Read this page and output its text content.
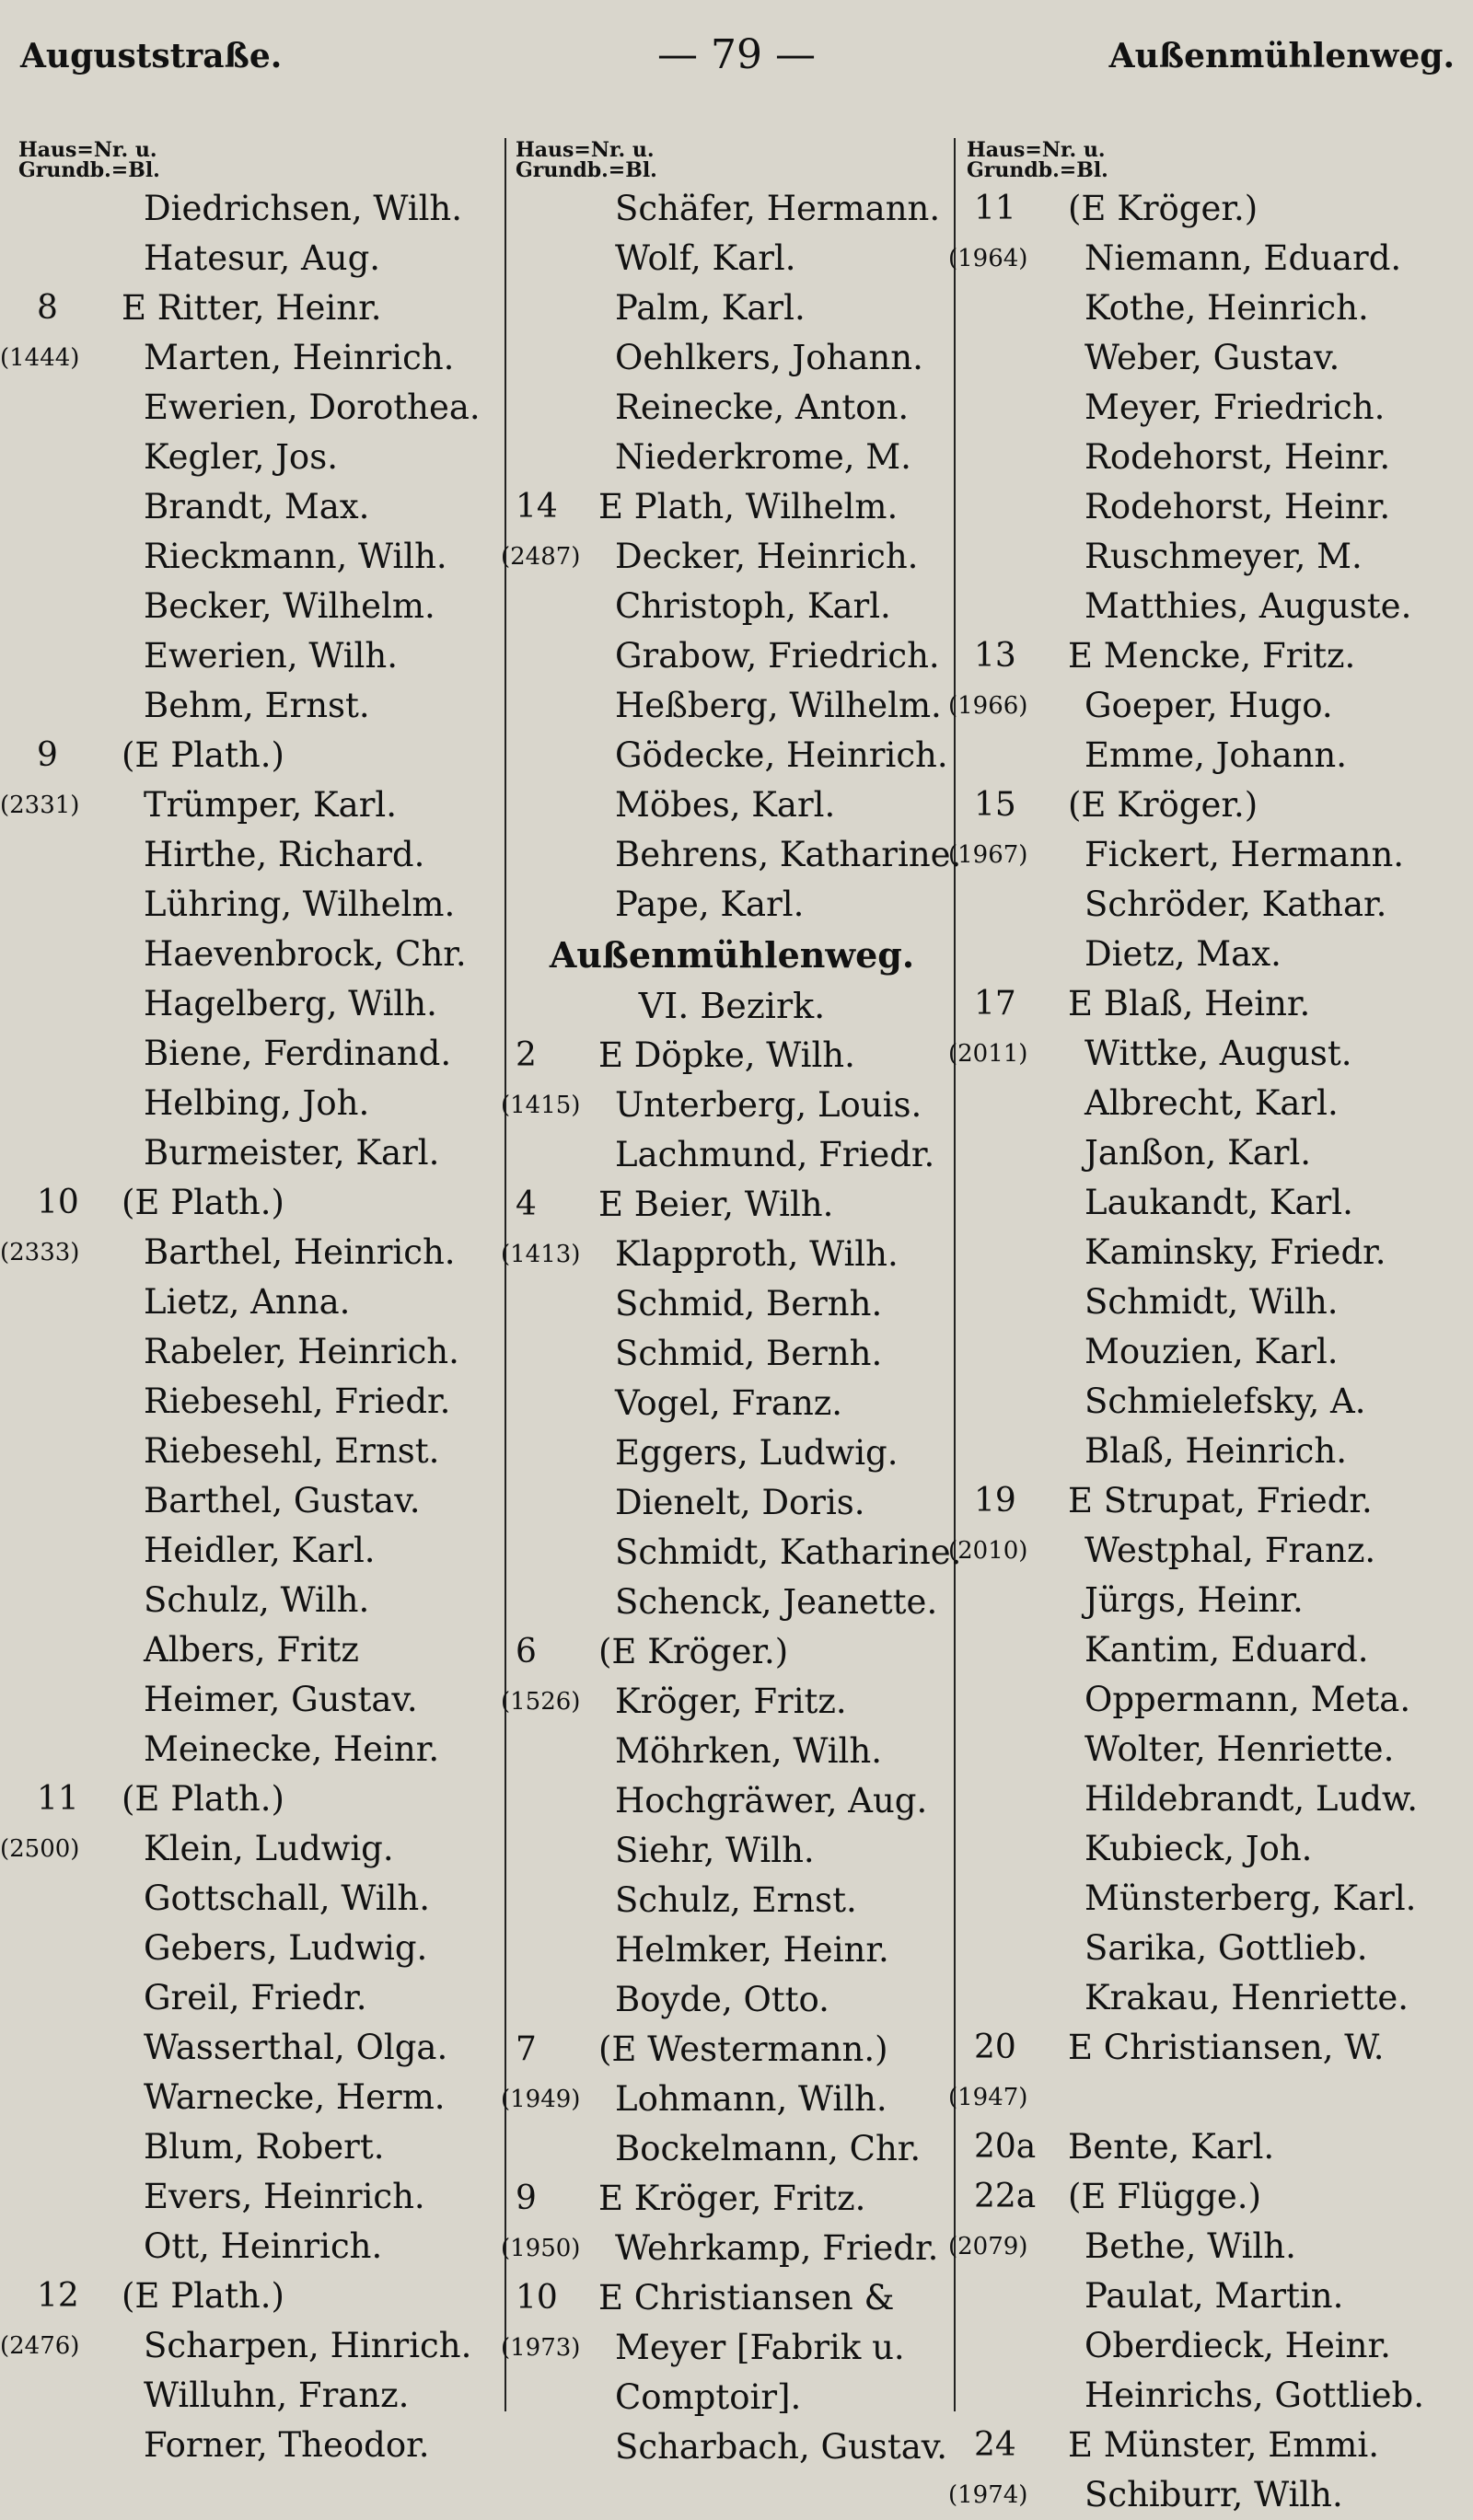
— 79 —
Auguststraße.	Außenmühlenweg.
Haus=Nr. u.
Grundb.=Bl.
Diedrichsen, Wilh.
Hatesur, Aug.
8	E Ritter, Heinr.
(1444)	Marten, Heinrich.
Ewerien, Dorothea.
Kegler, Jos.
Brandt, Max.
Rieckmann, Wilh.
Becker, Wilhelm.
Ewerien, Wilh.
Behm, Ernst.
9	(E Plath.)
(2331)	Trümper, Karl.
Hirthe, Richard.
Lühring, Wilhelm.
Haevenbrock, Chr.
Hagelberg, Wilh.
Biene, Ferdinand.
Helbing, Joh.
Burmeister, Karl.
10 (E Plath.)
(2333)	Barthel, Heinrich.
Lietz, Anna.
Rabeler, Heinrich.
Riebesehl, Friedr.
Riebesehl, Ernst.
Barthel, Gustav.
Heidler, Karl.
Schulz, Wilh.
Albers, Fritz
Heimer, Gustav.
Meinecke, Heinr.
11 (E Plath.)
(2500)	Klein, Ludwig.
Gottschall, Wilh.
Gebers, Ludwig.
Greil, Friedr.
Wasserthal, Olga.
Warnecke, Herm.
Blum, Robert.
Evers, Heinrich.
Ott, Heinrich.
12 (E Plath.)
(2476)	Scharpen, Hinrich.
Willuhn, Franz.
Forner, Theodor.
Haus=Nr. u.
Grundb.=Bl.
Schäfer, Hermann.
Wolf, Karl.
Palm, Karl.
Oehlkers, Johann.
Reinecke, Anton.
Niederkrome, M.
14 E Plath, Wilhelm.
(2487)	Decker, Heinrich.
Christoph, Karl.
Grabow, Friedrich.
Heßberg, Wilhelm.
Gödecke, Heinrich.
Möbes, Karl.
Behrens, Katharine.
Pape, Karl.
Außenmühlenweg.
VI. Bezirk.
2	E Döpke, Wilh.
(1415)	Unterberg, Louis.
Lachmund, Friedr.
4	E Beier, Wilh.
(1413)	Klapproth, Wilh.
Schmid, Bernh.
Schmid, Bernh.
Vogel, Franz.
Eggers, Ludwig.
Dienelt, Doris.
Schmidt, Katharine.
Schenck, Jeanette.
6	(E Kröger.)
(1526)	Kröger, Fritz.
Möhrken, Wilh.
Hochgräwer, Aug.
Siehr, Wilh.
Schulz, Ernst.
Helmker, Heinr.
Boyde, Otto.
7	(E Westermann.)
(1949)	Lohmann, Wilh.
Bockelmann, Chr.
9	E Kröger, Fritz.
(1950)	Wehrkamp, Friedr.
10 E Christiansen &
(1973)	Meyer [Fabrik u.
Comptoir].
Scharbach, Gustav.
Haus=Nr. u.
Grundb.=Bl.
11 (E Kröger.)
(1964)	Niemann, Eduard.
Kothe, Heinrich.
Weber, Gustav.
Meyer, Friedrich.
Rodehorst, Heinr.
Rodehorst, Heinr.
Ruschmeyer, M.
Matthies, Auguste.
13 E Mencke, Fritz.
(1966)	Goeper, Hugo.
Emme, Johann.
15 (E Kröger.)
(1967)	Fickert, Hermann.
Schröder, Kathar.
Dietz, Max.
17 E Blaß, Heinr.
(2011)	Wittke, August.
Albrecht, Karl.
Janßon, Karl.
Laukandt, Karl.
Kaminsky, Friedr.
Schmidt, Wilh.
Mouzien, Karl.
Schmielefsky, A.
Blaß, Heinrich.
19 E Strupat, Friedr.
(2010)	Westphal, Franz.
Jürgs, Heinr.
Kantim, Eduard.
Oppermann, Meta.
Wolter, Henriette.
Hildebrandt, Ludw.
Kubieck, Joh.
Münsterberg, Karl.
Sarika, Gottlieb.
Krakau, Henriette.
20 E Christiansen, W.
(1947)
20a Bente, Karl.
22a (E Flügge.)
(2079)	Bethe, Wilh.
Paulat, Martin.
Oberdieck, Heinr.
Heinrichs, Gottlieb.
24 E Münster, Emmi.
(1974)	Schiburr, Wilh.
